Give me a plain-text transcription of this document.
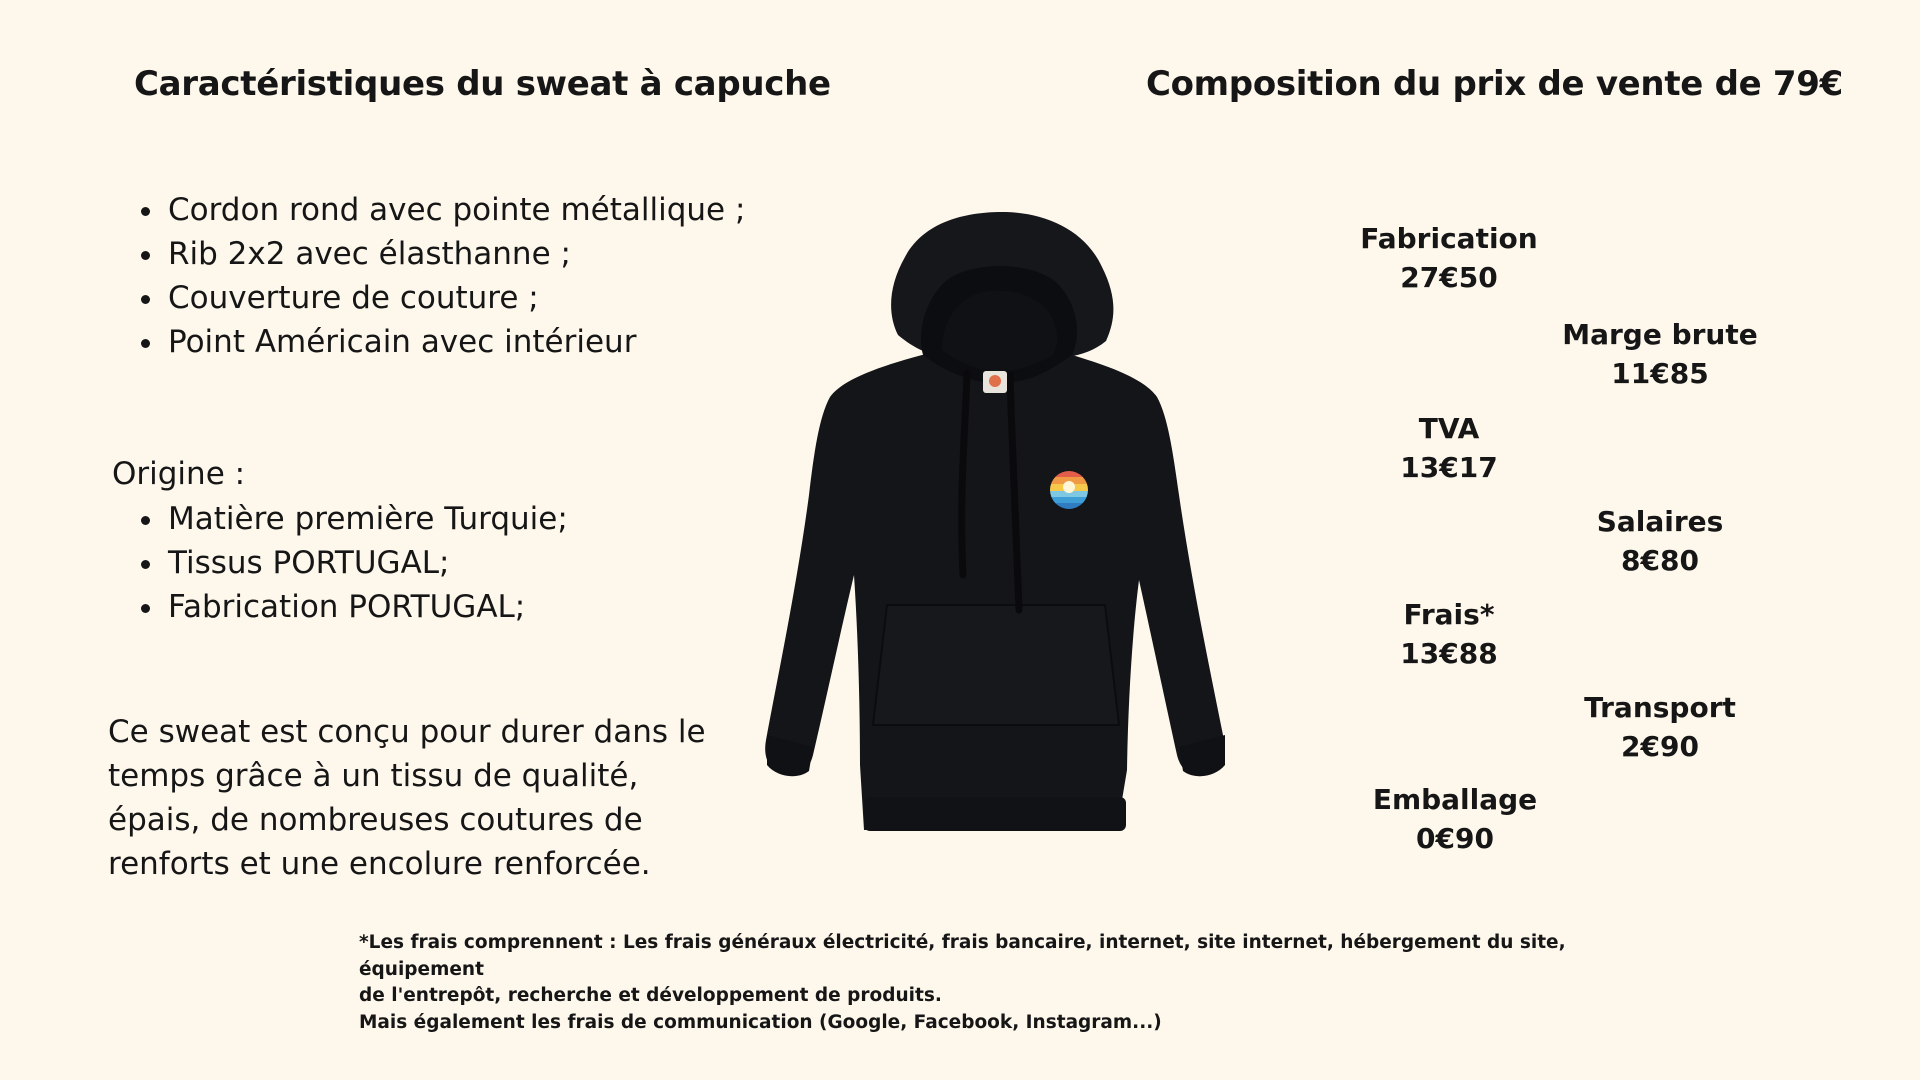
Caractéristiques du sweat à capuche	Composition du prix de vente de 79€
• Cordon rond avec pointe métallique ;
• Rib 2x2 avec élasthanne ;
• Couverture de couture ;
• Point Américain avec intérieur

Origine :

• Matière première Turquie;
• Tissus PORTUGAL;
• Fabrication PORTUGAL;

Ce sweat est conçu pour durer dans le temps grâce à un tissu de qualité, épais, de nombreuses coutures de renforts et une encolure renforcée.

Fabrication
27€50
Marge brute
11€85
TVA
13€17
Salaires
8€80
Frais*
13€88
Transport
2€90
Emballage
0€90

*Les frais comprennent : Les frais généraux électricité, frais bancaire, internet, site internet, hébergement du site, équipement
de l'entrepôt, recherche et développement de produits.
Mais également les frais de communication (Google, Facebook, Instagram...)
